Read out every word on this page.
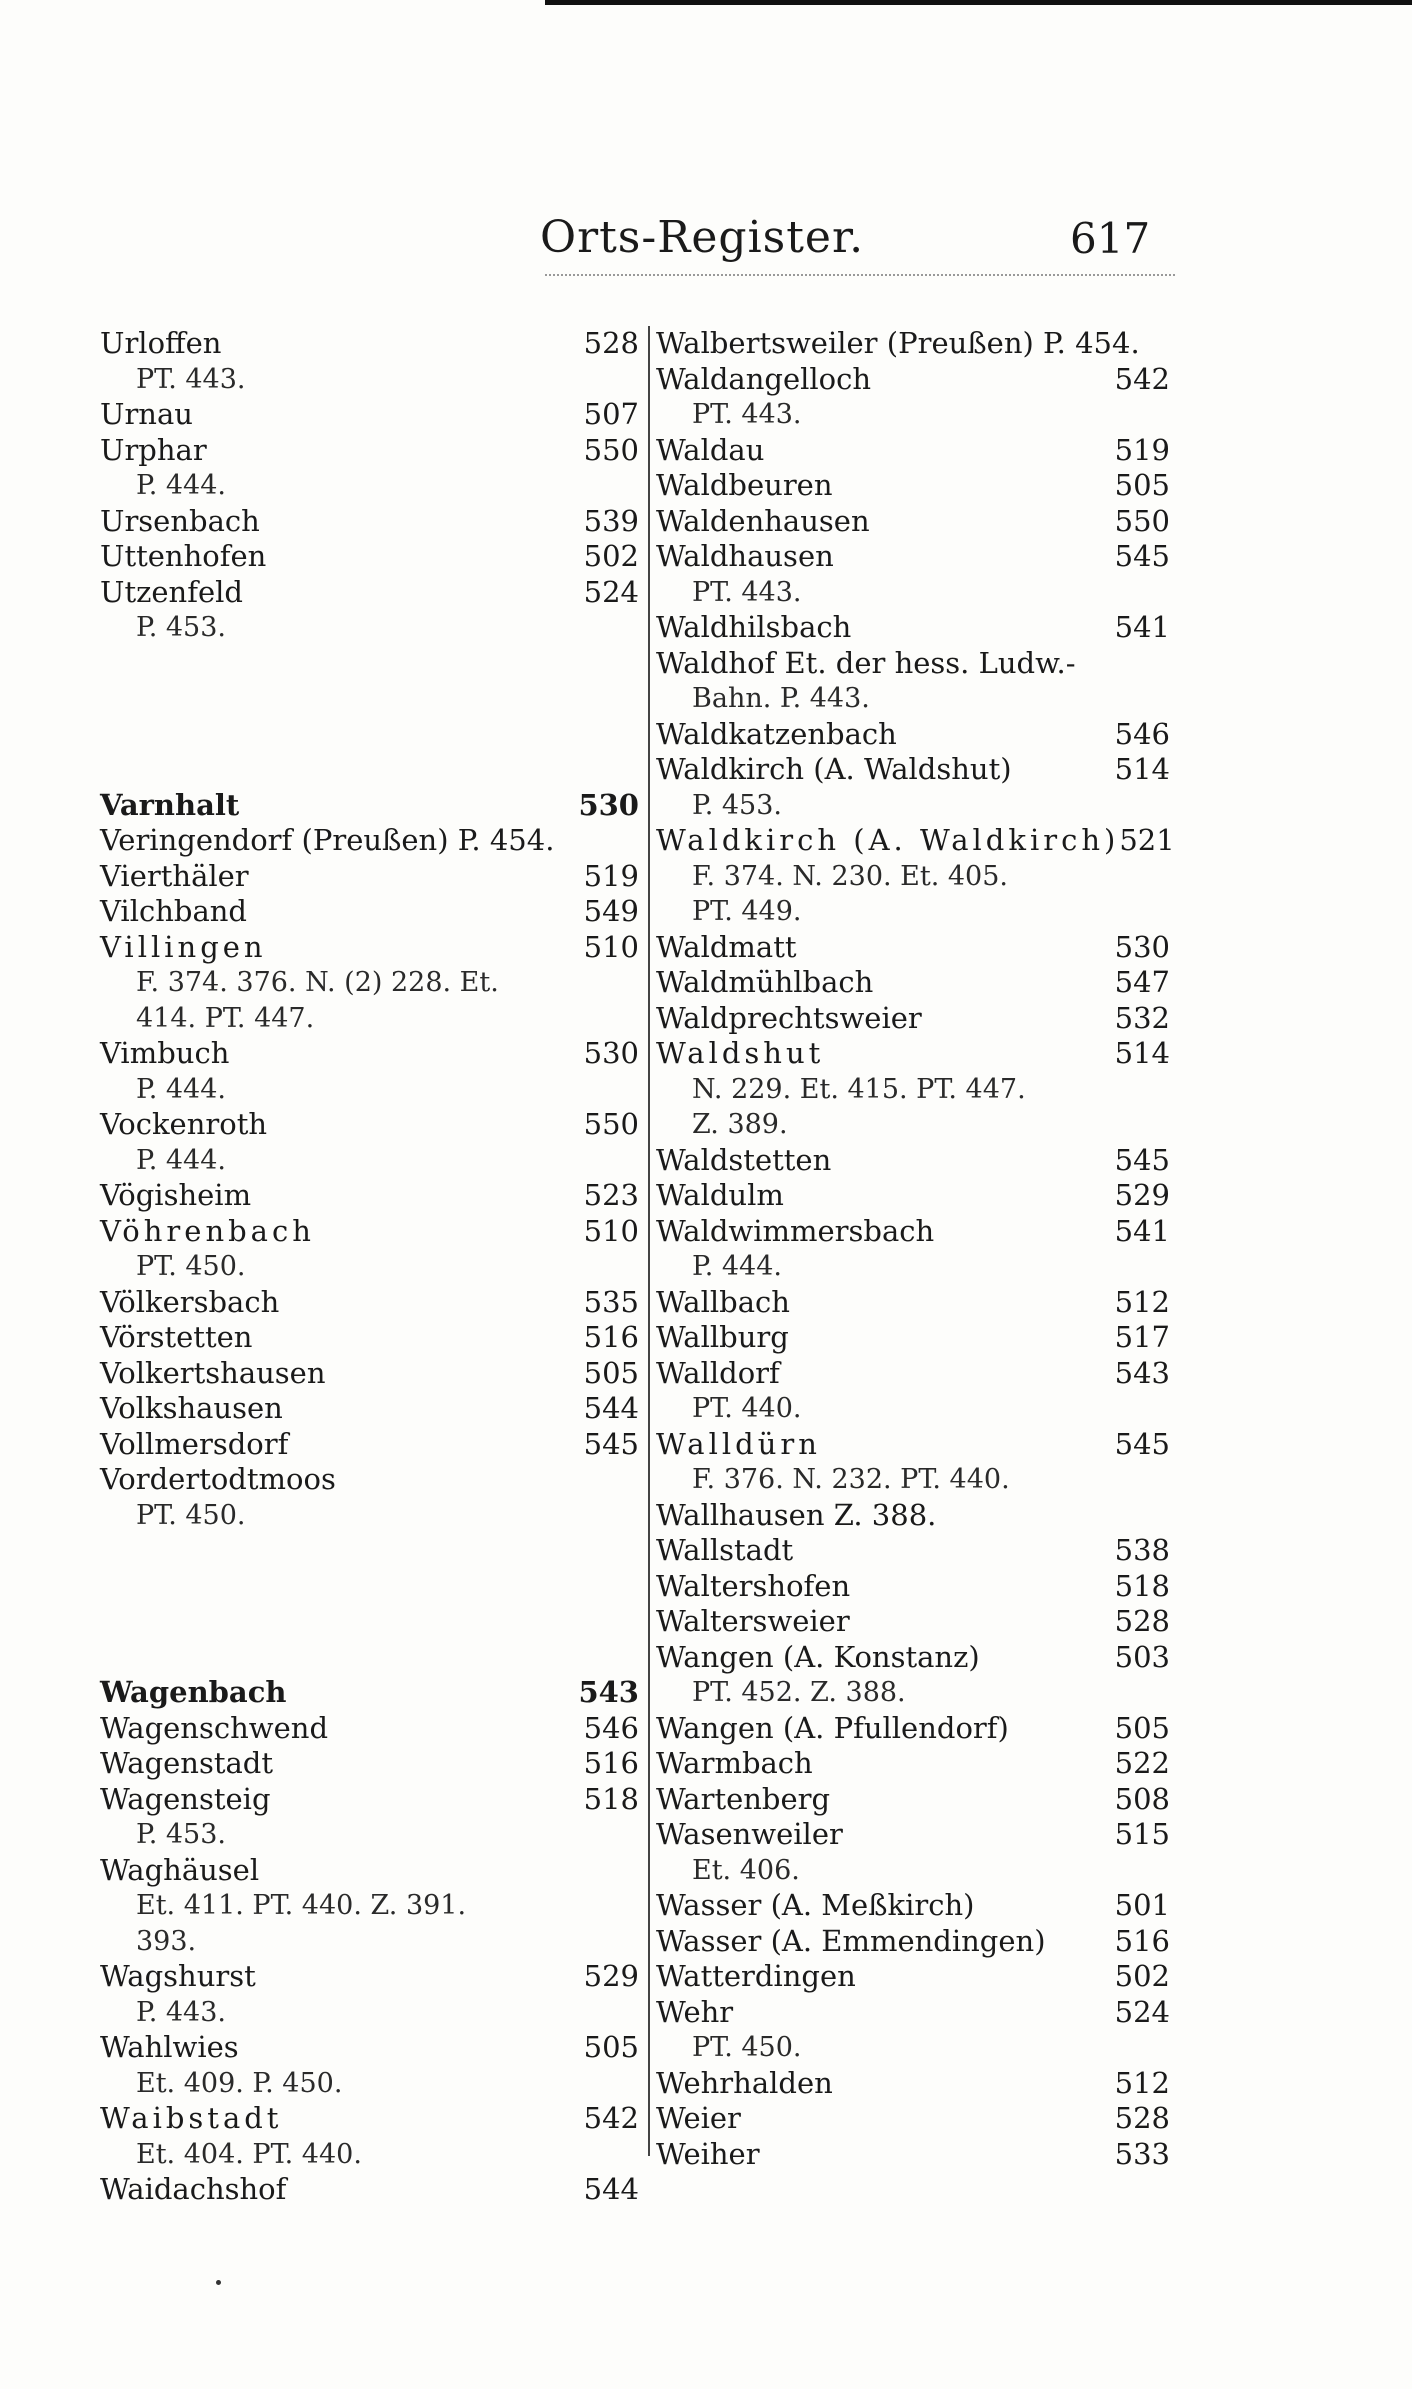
Orts-Register.	617
Urloffen	528
PT. 443.
Urnau	507
Urphar	550
P. 444.
Ursenbach	539
Uttenhofen	502
Utzenfeld	524
P. 453.
Varnhalt	530
Veringendorf (Preußen) P. 454.
Vierthäler	519
Vilchband	549
Villingen	510
F. 374. 376. N. (2) 228. Et.
414. PT. 447.
Vimbuch	530
P. 444.
Vockenroth	550
P. 444.
Vögisheim	523
Vöhrenbach	510
PT. 450.
Völkersbach	535
Vörstetten	516
Volkertshausen	505
Volkshausen	544
Vollmersdorf	545
Vordertodtmoos
PT. 450.
Wagenbach	543
Wagenschwend	546
Wagenstadt	516
Wagensteig	518
P. 453.
Waghäusel
Et. 411. PT. 440. Z. 391.
393.
Wagshurst	529
P. 443.
Wahlwies	505
Et. 409. P. 450.
Waibstadt	542
Et. 404. PT. 440.
Waidachshof	544
Walbertsweiler (Preußen) P. 454.
Waldangelloch	542
PT. 443.
Waldau	519
Waldbeuren	505
Waldenhausen	550
Waldhausen	545
PT. 443.
Waldhilsbach	541
Waldhof Et. der hess. Ludw.-
Bahn. P. 443.
Waldkatzenbach	546
Waldkirch (A. Waldshut)	514
P. 453.
Waldkirch (A. Waldkirch) 521
F. 374. N. 230. Et. 405.
PT. 449.
Waldmatt	530
Waldmühlbach	547
Waldprechtsweier	532
Waldshut	514
N. 229. Et. 415. PT. 447.
Z. 389.
Waldstetten	545
Waldulm	529
Waldwimmersbach	541
P. 444.
Wallbach	512
Wallburg	517
Walldorf	543
PT. 440.
Walldürn	545
F. 376. N. 232. PT. 440.
Wallhausen Z. 388.
Wallstadt	538
Waltershofen	518
Waltersweier	528
Wangen (A. Konstanz)	503
PT. 452. Z. 388.
Wangen (A. Pfullendorf)	505
Warmbach	522
Wartenberg	508
Wasenweiler	515
Et. 406.
Wasser (A. Meßkirch)	501
Wasser (A. Emmendingen)	516
Watterdingen	502
Wehr	524
PT. 450.
Wehrhalden	512
Weier	528
Weiher	533
